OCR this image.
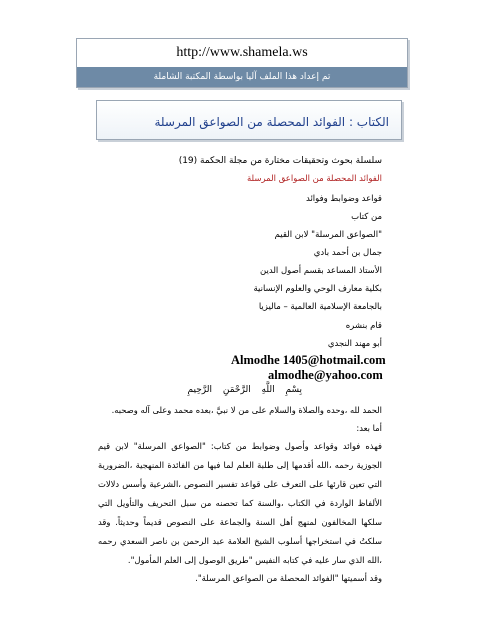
http://www.shamela.ws
تم إعداد هذا الملف آليا بواسطة المكتبة الشاملة
الكتاب : الفوائد المحصلة من الصواعق المرسلة
سلسلة بحوث وتحقيقات مختارة من مجلة الحكمة (19)
الفوائد المحصلة من الصواعق المرسلة
قواعد وضوابط وفوائد
من كتاب
"الصواعق المرسلة" لابن القيم
جمال بن أحمد بادي
الأستاذ المساعد بقسم أصول الدين
بكلية معارف الوحي والعلوم الإنسانية
بالجامعة الإسلامية العالمية – ماليزيا
قام بنشره
أبو مهند النجدي
Almodhe 1405@hotmail.com
almodhe@yahoo.com
بِسْمِ اللَّهِ الرَّحْمَنِ الرَّحِيمِ
الحمد لله ،وحده والصلاة والسلام على من لا نبيَّ ،بعده محمد وعلى آله وصحبه.
أما بعد:
فهذه فوائد وقواعد وأصول وضوابط من كتاب: "الصواعق المرسلة" لابن قيم الجوزية رحمه ،الله أقدمها إلى طلبة العلم لما فيها من الفائدة المنهجية ،الضرورية التي تعين قارئها على التعرف على قواعد تفسير النصوص ،الشرعية وأسس دلالات الألفاظ الواردة في الكتاب ،والسنة كما تحصنه من سبل التحريف والتأويل التي سلكها المخالفون لمنهج أهل السنة والجماعة على النصوص قديماً وحديثاً. وقد سلكتُ في استخراجها أسلوب الشيخ العلامة عبد الرحمن بن ناصر السعدي رحمه ،الله الذي سار عليه في كتابه النفيس "طريق الوصول إلى العلم المأمول".
وقد أسميتها "الفوائد المحصلة من الصواعق المرسلة".
